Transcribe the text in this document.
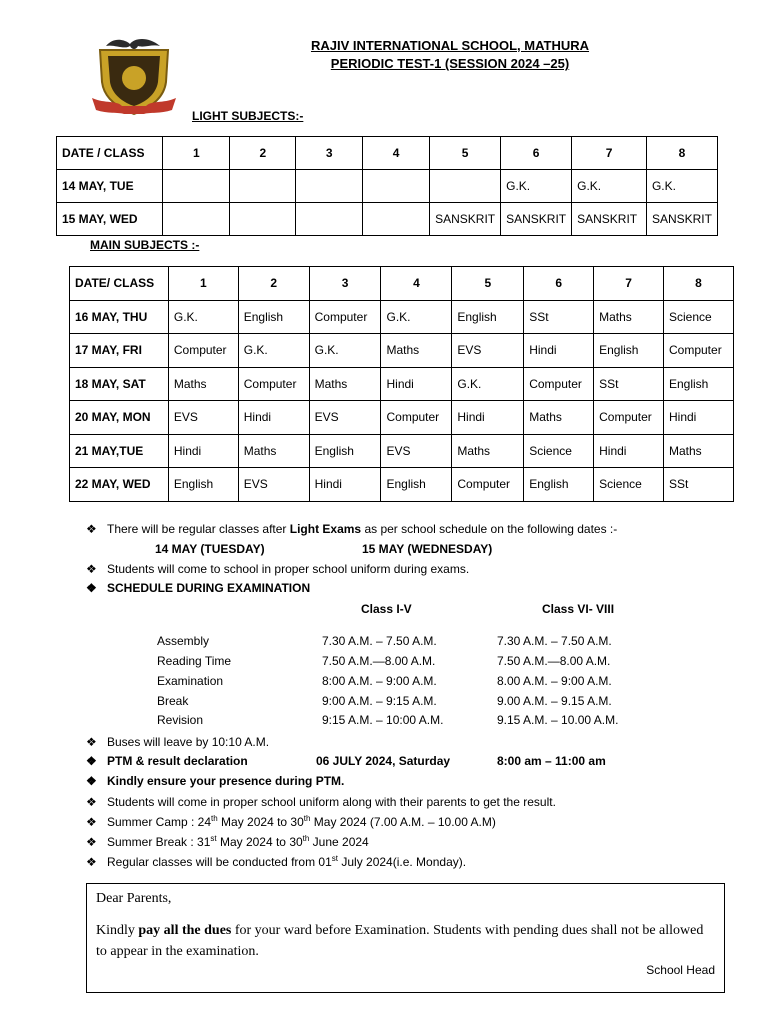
RAJIV INTERNATIONAL SCHOOL, MATHURA
PERIODIC TEST-1 (SESSION 2024 –25)
LIGHT SUBJECTS:-
DATE / CLASS	1	2	3	4	5	6	7	8
14 MAY, TUE						G.K.	G.K.	G.K.
15 MAY, WED					SANSKRIT	SANSKRIT	SANSKRIT	SANSKRIT
MAIN SUBJECTS :-
DATE/ CLASS	1	2	3	4	5	6	7	8
16 MAY, THU	G.K.	English	Computer	G.K.	English	SSt	Maths	Science
17 MAY, FRI	Computer	G.K.	G.K.	Maths	EVS	Hindi	English	Computer
18 MAY, SAT	Maths	Computer	Maths	Hindi	G.K.	Computer	SSt	English
20 MAY, MON	EVS	Hindi	EVS	Computer	Hindi	Maths	Computer	Hindi
21 MAY,TUE	Hindi	Maths	English	EVS	Maths	Science	Hindi	Maths
22 MAY, WED	English	EVS	Hindi	English	Computer	English	Science	SSt
❖ There will be regular classes after Light Exams as per school schedule on the following dates :-
14 MAY (TUESDAY)	15 MAY (WEDNESDAY)
❖ Students will come to school in proper school uniform during exams.
❖ SCHEDULE DURING EXAMINATION
Class I-V	Class VI- VIII
Assembly	7.30 A.M. – 7.50 A.M.	7.30 A.M. – 7.50 A.M.
Reading Time	7.50 A.M.—8.00 A.M.	7.50 A.M.—8.00 A.M.
Examination	8:00 A.M. – 9:00 A.M.	8.00 A.M. – 9:00 A.M.
Break	9:00 A.M. – 9:15 A.M.	9.00 A.M. – 9.15 A.M.
Revision	9:15 A.M. – 10:00 A.M.	9.15 A.M. – 10.00 A.M.
❖ Buses will leave by 10:10 A.M.
❖ PTM & result declaration	06 JULY 2024, Saturday	8:00 am – 11:00 am
❖ Kindly ensure your presence during PTM.
❖ Students will come in proper school uniform along with their parents to get the result.
❖ Summer Camp : 24th May 2024 to 30th May 2024 (7.00 A.M. – 10.00 A.M)
❖ Summer Break : 31st May 2024 to 30th June 2024
❖ Regular classes will be conducted from 01st July 2024(i.e. Monday).

Dear Parents,

Kindly pay all the dues for your ward before Examination. Students with pending dues shall not be allowed to appear in the examination.

School Head
